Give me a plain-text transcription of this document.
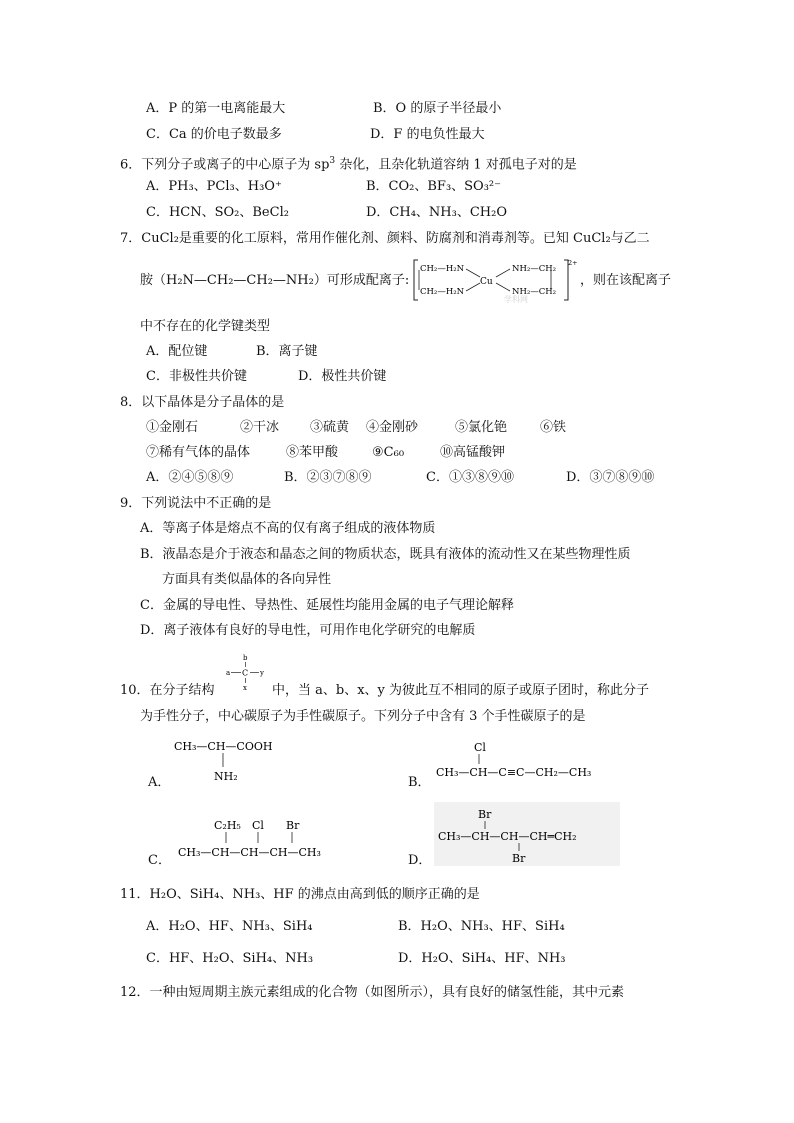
A．P 的第一电离能最大	B．O 的原子半径最小
C．Ca 的价电子数最多	D．F 的电负性最大
6．下列分子或离子的中心原子为 $sp^3$ 杂化，且杂化轨道容纳 1 对孤电子对的是
A．PH₃、PCl₃、H₃O⁺	B．CO₂、BF₃、SO₃²⁻
C．HCN、SO₂、BeCl₂	D．CH₄、NH₃、CH₂O
7．CuCl₂是重要的化工原料，常用作催化剂、颜料、防腐剂和消毒剂等。已知 CuCl₂与乙二
胺（H₂N—CH₂—CH₂—NH₂）可形成配离子:
CH₂—H₂N
CH₂—H₂N
Cu
NH₂—CH₂
NH₂—CH₂
2+
学科网
，则在该配离子
中不存在的化学键类型
A．配位键	B．离子键
C．非极性共价键	D．极性共价键
8．以下晶体是分子晶体的是
①金刚石	②干冰 ③硫黄 ④金刚砂	⑤氯化铯	⑥铁
⑦稀有气体的晶体	⑧苯甲酸	⑨C₆₀	⑩高锰酸钾
A．②④⑤⑧⑨	B．②③⑦⑧⑨	C．①③⑧⑨⑩	D．③⑦⑧⑨⑩
9．下列说法中不正确的是
A．等离子体是熔点不高的仅有离子组成的液体物质
B．液晶态是介于液态和晶态之间的物质状态，既具有液体的流动性又在某些物理性质
方面具有类似晶体的各向异性
C．金属的导电性、导热性、延展性均能用金属的电子气理论解释
D．离子液体有良好的导电性，可用作电化学研究的电解质
10．在分子结构
b
a C y
x 中，当 a、b、x、y 为彼此互不相同的原子或原子团时，称此分子
为手性分子，中心碳原子为手性碳原子。下列分子中含有 3 个手性碳原子的是
CH₃—CH—COOH
NH₂
A．
Cl
CH₃—CH—C≡C—CH₂—CH₃
B．
C₂H₅ Cl Br
CH₃—CH—CH—CH—CH₃
C．
Br
CH₃—CH—CH—CH═CH₂
Br
D．
11．H₂O、SiH₄、NH₃、HF 的沸点由高到低的顺序正确的是
A．H₂O、HF、NH₃、SiH₄	B．H₂O、NH₃、HF、SiH₄
C．HF、H₂O、SiH₄、NH₃	D．H₂O、SiH₄、HF、NH₃
12．一种由短周期主族元素组成的化合物（如图所示），具有良好的储氢性能，其中元素
